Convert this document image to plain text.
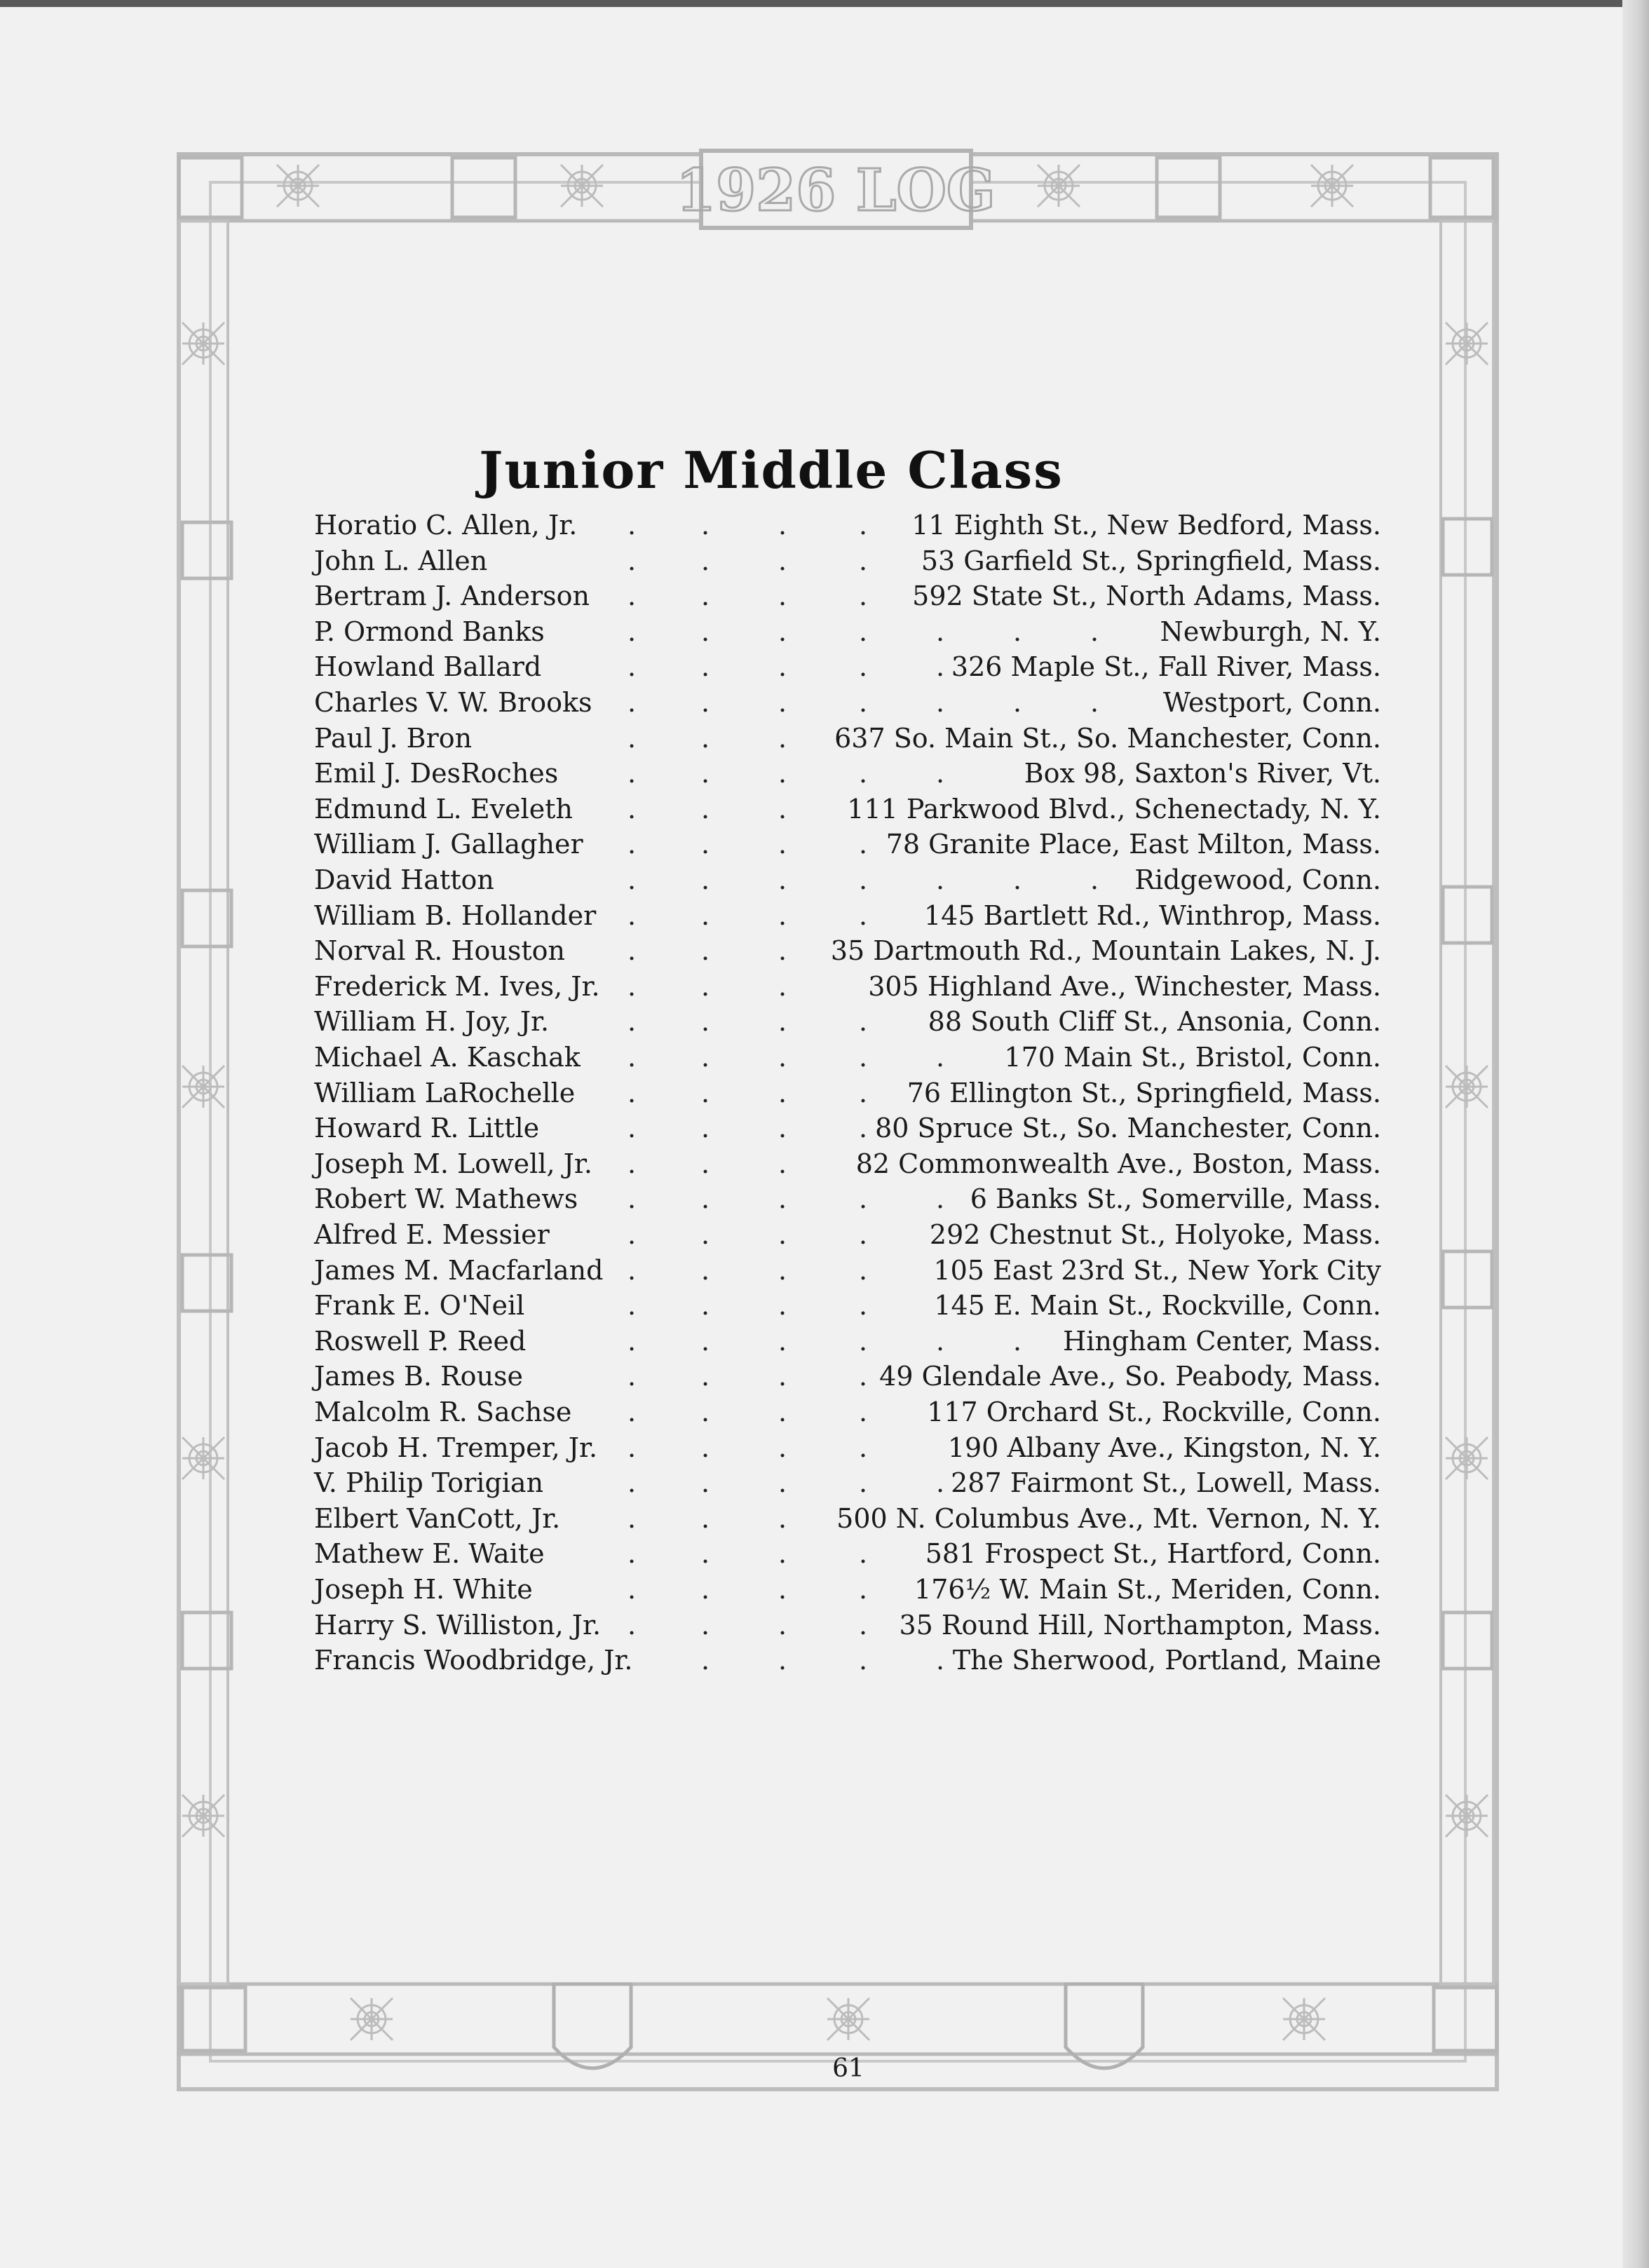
1926 LOG
Junior Middle Class
Horatio C. Allen, Jr.	11 Eighth St., New Bedford, Mass.
. .	.	.
John L. Allen	53 Garfield St., Springfield, Mass.
. .	.	.
Bertram J. Anderson	592 State St., North Adams, Mass.
. .	.	.
P. Ormond Banks	Newburgh, N. Y.
. .	.	.	.	.	.
Howland Ballard	326 Maple St., Fall River, Mass.
. .	.	.	.
Charles V. W. Brooks	Westport, Conn.
. .	.	.	.	.	.
Paul J. Bron	637 So. Main St., So. Manchester, Conn.
. .	.
Emil J. DesRoches	Box 98, Saxton's River, Vt.
. .	.	.	.
Edmund L. Eveleth	111 Parkwood Blvd., Schenectady, N. Y.
. .	.
William J. Gallagher	78 Granite Place, East Milton, Mass.
. .	.	.
David Hatton	Ridgewood, Conn.
. .	.	.	.	.	.
William B. Hollander	145 Bartlett Rd., Winthrop, Mass.
. .	.	.
Norval R. Houston	35 Dartmouth Rd., Mountain Lakes, N. J.
. .	.
Frederick M. Ives, Jr.	305 Highland Ave., Winchester, Mass.
. .	.
William H. Joy, Jr.	88 South Cliff St., Ansonia, Conn.
. .	.	.
Michael A. Kaschak	170 Main St., Bristol, Conn.
. .	.	.	.
William LaRochelle	76 Ellington St., Springfield, Mass.
. .	.	.
Howard R. Little	80 Spruce St., So. Manchester, Conn.
. .	.	.
Joseph M. Lowell, Jr.	82 Commonwealth Ave., Boston, Mass.
. .	.
Robert W. Mathews	6 Banks St., Somerville, Mass.
. .	.	.	.
Alfred E. Messier	292 Chestnut St., Holyoke, Mass.
. .	.	.
James M. Macfarland	105 East 23rd St., New York City
. .	.	.
Frank E. O'Neil	145 E. Main St., Rockville, Conn.
. .	.	.
Roswell P. Reed	Hingham Center, Mass.
. .	.	.	.	.
James B. Rouse	49 Glendale Ave., So. Peabody, Mass.
. .	.	.
Malcolm R. Sachse	117 Orchard St., Rockville, Conn.
. .	.	.
Jacob H. Tremper, Jr.	190 Albany Ave., Kingston, N. Y.
. .	.	.
V. Philip Torigian	287 Fairmont St., Lowell, Mass.
. .	.	.	.
Elbert VanCott, Jr.	500 N. Columbus Ave., Mt. Vernon, N. Y.
. .	.
Mathew E. Waite	581 Frospect St., Hartford, Conn.
. .	.	.
Joseph H. White	176½ W. Main St., Meriden, Conn.
. .	.	.
Harry S. Williston, Jr.	35 Round Hill, Northampton, Mass.
. .	.	.
Francis Woodbridge, Jr.	The Sherwood, Portland, Maine
.	.	.	.
61
